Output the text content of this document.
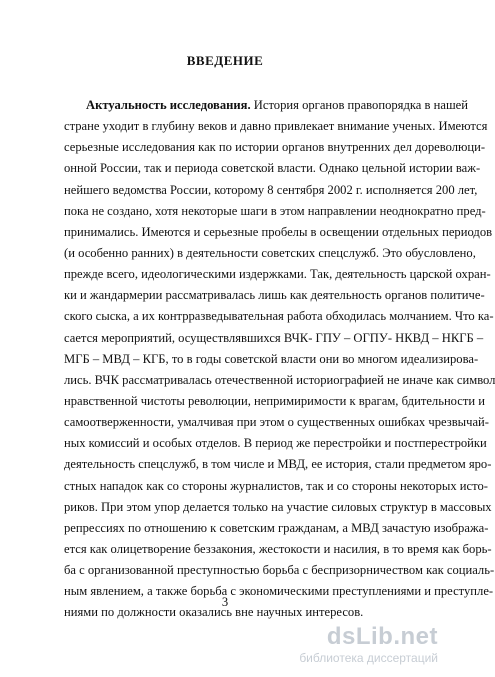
ВВЕДЕНИЕ
Актуальность исследования. История органов правопорядка в нашей
стране уходит в глубину веков и давно привлекает внимание ученых. Имеются
серьезные исследования как по истории органов внутренних дел дореволюци-
онной России, так и периода советской власти. Однако цельной истории важ-
нейшего ведомства России, которому 8 сентября 2002 г. исполняется 200 лет,
пока не создано, хотя некоторые шаги в этом направлении неоднократно пред-
принимались. Имеются и серьезные пробелы в освещении отдельных периодов
(и особенно ранних) в деятельности советских спецслужб. Это обусловлено,
прежде всего, идеологическими издержками. Так, деятельность царской охран-
ки и жандармерии рассматривалась лишь как деятельность органов политиче-
ского сыска, а их контрразведывательная работа обходилась молчанием. Что ка-
сается мероприятий, осуществлявшихся ВЧК- ГПУ – ОГПУ- НКВД – НКГБ –
МГБ – МВД – КГБ, то в годы советской власти они во многом идеализирова-
лись. ВЧК рассматривалась отечественной историографией не иначе как символ
нравственной чистоты революции, непримиримости к врагам, бдительности и
самоотверженности, умалчивая при этом о существенных ошибках чрезвычай-
ных комиссий и особых отделов. В период же перестройки и постперестройки
деятельность спецслужб, в том числе и МВД, ее история, стали предметом яро-
стных нападок как со стороны журналистов, так и со стороны некоторых исто-
риков. При этом упор делается только на участие силовых структур в массовых
репрессиях по отношению к советским гражданам, а МВД зачастую изобража-
ется как олицетворение беззакония, жестокости и насилия, в то время как борь-
ба с организованной преступностью борьба с беспризорничеством как социаль-
ным явлением, а также борьба с экономическими преступлениями и преступле-
ниями по должности оказались вне научных интересов.
3
dsLib.net
библиотека диссертаций
